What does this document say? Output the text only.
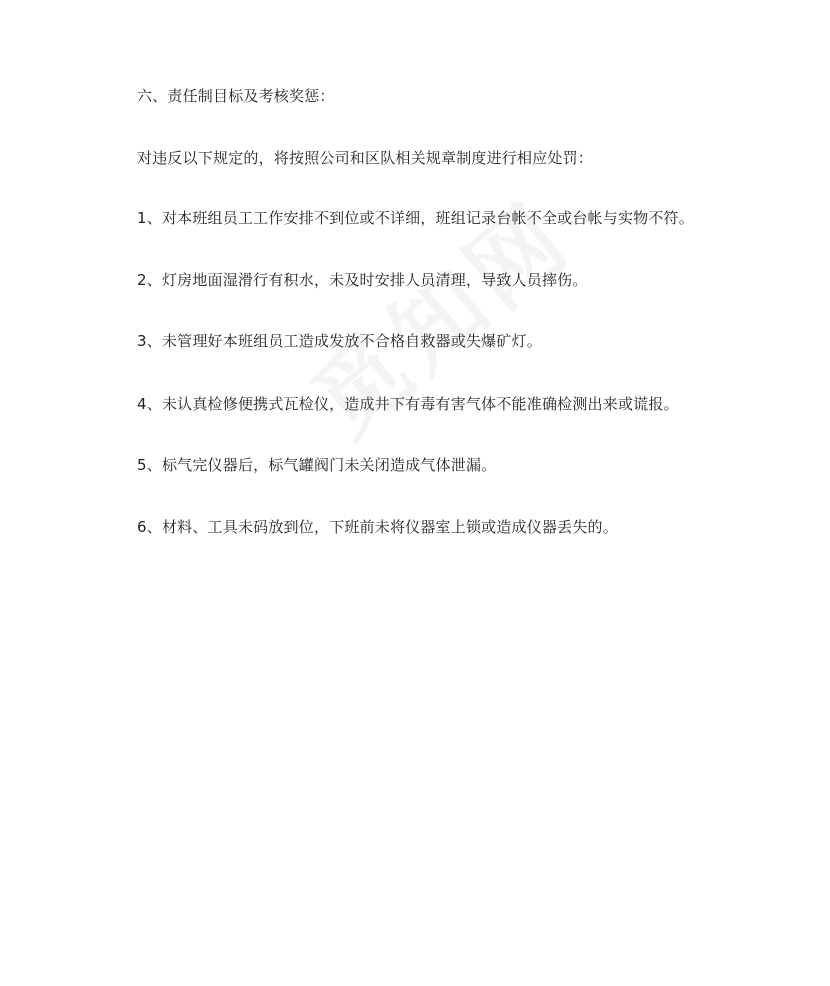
六、责任制目标及考核奖惩：
对违反以下规定的，将按照公司和区队相关规章制度进行相应处罚：
1、对本班组员工工作安排不到位或不详细，班组记录台帐不全或台帐与实物不符。
2、灯房地面湿滑行有积水，未及时安排人员清理，导致人员摔伤。
3、未管理好本班组员工造成发放不合格自救器或失爆矿灯。
4、未认真检修便携式瓦检仪，造成井下有毒有害气体不能准确检测出来或谎报。
5、标气完仪器后，标气罐阀门未关闭造成气体泄漏。
6、材料、工具未码放到位，下班前未将仪器室上锁或造成仪器丢失的。
